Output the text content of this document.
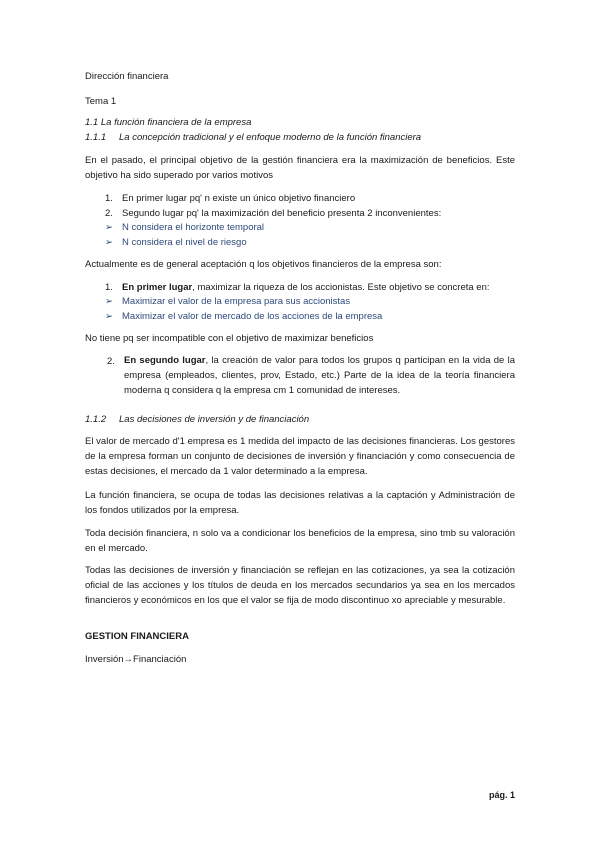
Dirección financiera
Tema 1
1.1 La función financiera de la empresa
1.1.1 La concepción tradicional y el enfoque moderno de la función financiera
En el pasado, el principal objetivo de la gestión financiera era la maximización de beneficios. Este objetivo ha sido superado por varios motivos
1. En primer lugar pq' n existe un único objetivo financiero
2. Segundo lugar pq' la maximización del beneficio presenta 2 inconvenientes:
➢ N considera el horizonte temporal
➢ N considera el nivel de riesgo
Actualmente es de general aceptación q los objetivos financieros de la empresa son:
1. En primer lugar, maximizar la riqueza de los accionistas. Este objetivo se concreta en:
➢ Maximizar el valor de la empresa para sus accionistas
➢ Maximizar el valor de mercado de los acciones de la empresa
No tiene pq ser incompatible con el objetivo de maximizar beneficios
2. En segundo lugar, la creación de valor para todos los grupos q participan en la vida de la empresa (empleados, clientes, prov, Estado, etc.) Parte de la idea de la teoría financiera moderna q considera q la empresa cm 1 comunidad de intereses.
1.1.2 Las decisiones de inversión y de financiación
El valor de mercado d'1 empresa es 1 medida del impacto de las decisiones financieras. Los gestores de la empresa forman un conjunto de decisiones de inversión y financiación y como consecuencia de estas decisiones, el mercado da 1 valor determinado a la empresa.
La función financiera, se ocupa de todas las decisiones relativas a la captación y Administración de los fondos utilizados por la empresa.
Toda decisión financiera, n solo va a condicionar los beneficios de la empresa, sino tmb su valoración en el mercado.
Todas las decisiones de inversión y financiación se reflejan en las cotizaciones, ya sea la cotización oficial de las acciones y los títulos de deuda en los mercados secundarios ya sea en los mercados financieros y económicos en los que el valor se fija de modo discontinuo xo apreciable y mesurable.
GESTION FINANCIERA
Inversión→Financiación
pág. 1
